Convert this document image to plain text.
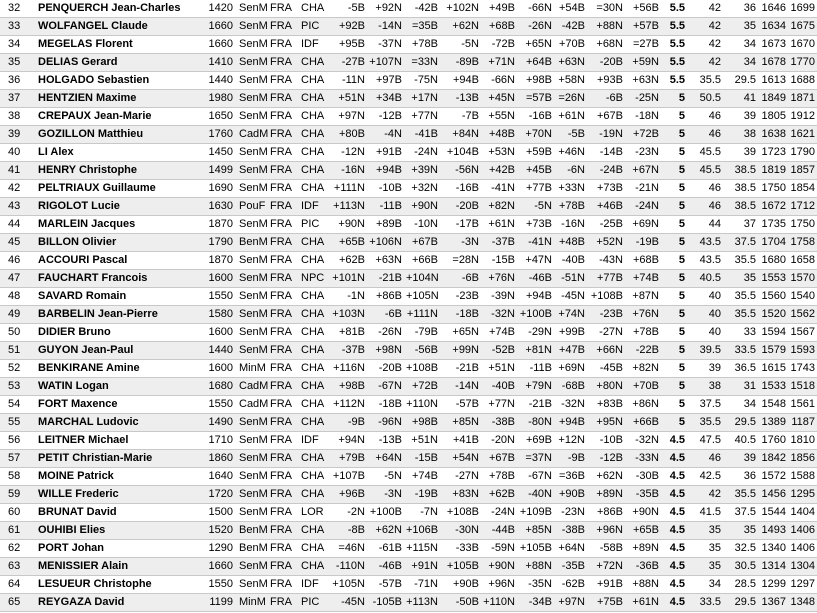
32	PENQUERCH Jean-Charles	1420	SenM	FRA	CHA	-5B	+92N	-42B	+102N	+49B	-66N	+54B	=30N	+56B	5.5	42	36	1646	1699
33	WOLFANGEL Claude	1660	SenM	FRA	PIC	+92B	-14N	=35B	+62N	+68B	-26N	-42B	+88N	+57B	5.5	42	35	1634	1675
34	MEGELAS Florent	1660	SenM	FRA	IDF	+95B	-37N	+78B	-5N	-72B	+65N	+70B	+68N	=27B	5.5	42	34	1673	1670
35	DELIAS Gerard	1410	SenM	FRA	CHA	-27B	+107N	=33N	-89B	+71N	+64B	+63N	-20B	+59N	5.5	42	34	1678	1770
36	HOLGADO Sebastien	1440	SenM	FRA	CHA	-11N	+97B	-75N	+94B	-66N	+98B	+58N	+93B	+63N	5.5	35.5	29.5	1613	1688
37	HENTZIEN Maxime	1980	SenM	FRA	CHA	+51N	+34B	+17N	-13B	+45N	=57B	=26N	-6B	-25N	5	50.5	41	1849	1871
38	CREPAUX Jean-Marie	1650	SenM	FRA	CHA	+97N	-12B	+77N	-7B	+55N	-16B	+61N	+67B	-18N	5	46	39	1805	1912
39	GOZILLON Matthieu	1760	CadM	FRA	CHA	+80B	-4N	-41B	+84N	+48B	+70N	-5B	-19N	+72B	5	46	38	1638	1621
40	LI Alex	1450	SenM	FRA	CHA	-12N	+91B	-24N	+104B	+53N	+59B	+46N	-14B	-23N	5	45.5	39	1723	1790
41	HENRY Christophe	1499	SenM	FRA	CHA	-16N	+94B	+39N	-56N	+42B	+45B	-6N	-24B	+67N	5	45.5	38.5	1819	1857
42	PELTRIAUX Guillaume	1690	SenM	FRA	CHA	+111N	-10B	+32N	-16B	-41N	+77B	+33N	+73B	-21N	5	46	38.5	1750	1854
43	RIGOLOT Lucie	1630	PouF	FRA	IDF	+113N	-11B	+90N	-20B	+82N	-5N	+78B	+46B	-24N	5	46	38.5	1672	1712
44	MARLEIN Jacques	1870	SenM	FRA	PIC	+90N	+89B	-10N	-17B	+61N	+73B	-16N	-25B	+69N	5	44	37	1735	1750
45	BILLON Olivier	1790	BenM	FRA	CHA	+65B	+106N	+67B	-3N	-37B	-41N	+48B	+52N	-19B	5	43.5	37.5	1704	1758
46	ACCOURI Pascal	1870	SenM	FRA	CHA	+62B	+63N	+66B	=28N	-15B	+47N	-40B	-43N	+68B	5	43.5	35.5	1680	1658
47	FAUCHART Francois	1600	SenM	FRA	NPC	+101N	-21B	+104N	-6B	+76N	-46B	-51N	+77B	+74B	5	40.5	35	1553	1570
48	SAVARD Romain	1550	SenM	FRA	CHA	-1N	+86B	+105N	-23B	-39N	+94B	-45N	+108B	+87N	5	40	35.5	1560	1540
49	BARBELIN Jean-Pierre	1580	SenM	FRA	CHA	+103N	-6B	+111N	-18B	-32N	+100B	+74N	-23B	+76N	5	40	35.5	1520	1562
50	DIDIER Bruno	1600	SenM	FRA	CHA	+81B	-26N	-79B	+65N	+74B	-29N	+99B	-27N	+78B	5	40	33	1594	1567
51	GUYON Jean-Paul	1440	SenM	FRA	CHA	-37B	+98N	-56B	+99N	-52B	+81N	+47B	+66N	-22B	5	39.5	33.5	1579	1593
52	BENKIRANE Amine	1600	MinM	FRA	CHA	+116N	-20B	+108B	-21B	+51N	-11B	+69N	-45B	+82N	5	39	36.5	1615	1743
53	WATIN Logan	1680	CadM	FRA	CHA	+98B	-67N	+72B	-14N	-40B	+79N	-68B	+80N	+70B	5	38	31	1533	1518
54	FORT Maxence	1550	CadM	FRA	CHA	+112N	-18B	+110N	-57B	+77N	-21B	-32N	+83B	+86N	5	37.5	34	1548	1561
55	MARCHAL Ludovic	1490	SenM	FRA	CHA	-9B	-96N	+98B	+85N	-38B	-80N	+94B	+95N	+66B	5	35.5	29.5	1389	1187
56	LEITNER Michael	1710	SenM	FRA	IDF	+94N	-13B	+51N	+41B	-20N	+69B	+12N	-10B	-32N	4.5	47.5	40.5	1760	1810
57	PETIT Christian-Marie	1860	SenM	FRA	CHA	+79B	+64N	-15B	+54N	+67B	=37N	-9B	-12B	-33N	4.5	46	39	1842	1856
58	MOINE Patrick	1640	SenM	FRA	CHA	+107B	-5N	+74B	-27N	+78B	-67N	=36B	+62N	-30B	4.5	42.5	36	1572	1588
59	WILLE Frederic	1720	SenM	FRA	CHA	+96B	-3N	-19B	+83N	+62B	-40N	+90B	+89N	-35B	4.5	42	35.5	1456	1295
60	BRUNAT David	1500	SenM	FRA	LOR	-2N	+100B	-7N	+108B	-24N	+109B	-23N	+86B	+90N	4.5	41.5	37.5	1544	1404
61	OUHIBI Elies	1520	BenM	FRA	CHA	-8B	+62N	+106B	-30N	-44B	+85N	-38B	+96N	+65B	4.5	35	35	1493	1406
62	PORT Johan	1290	BenM	FRA	CHA	=46N	-61B	+115N	-33B	-59N	+105B	+64N	-58B	+89N	4.5	35	32.5	1340	1406
63	MENISSIER Alain	1660	SenM	FRA	CHA	-110N	-46B	+91N	+105B	+90N	+88N	-35B	+72N	-36B	4.5	35	30.5	1314	1304
64	LESUEUR Christophe	1550	SenM	FRA	IDF	+105N	-57B	-71N	+90B	+96N	-35N	-62B	+91B	+88N	4.5	34	28.5	1299	1297
65	REYGAZA David	1199	MinM	FRA	PIC	-45N	-105B	+113N	-50B	+110N	-34B	+97N	+75B	+61N	4.5	33.5	29.5	1367	1348
